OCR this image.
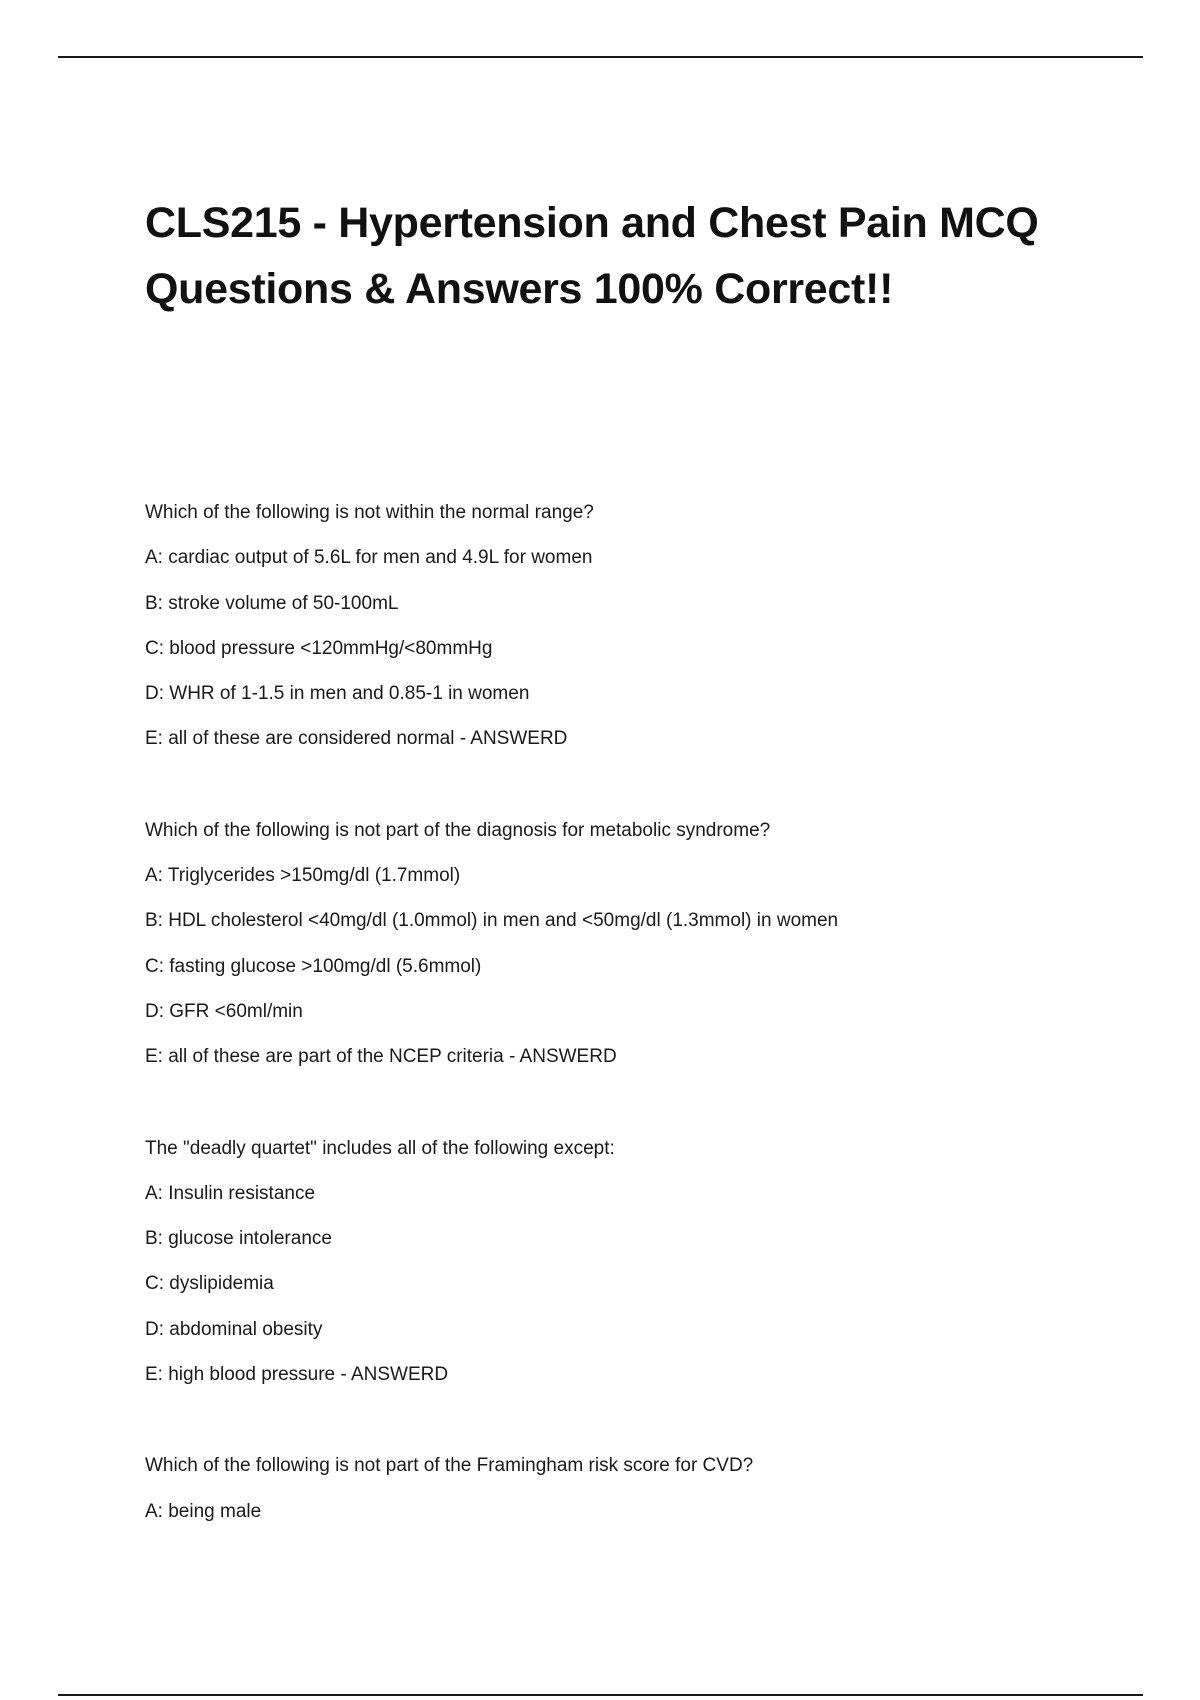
CLS215 - Hypertension and Chest Pain MCQ
Questions & Answers 100% Correct!!
Which of the following is not within the normal range?
A: cardiac output of 5.6L for men and 4.9L for women
B: stroke volume of 50-100mL
C: blood pressure <120mmHg/<80mmHg
D: WHR of 1-1.5 in men and 0.85-1 in women
E: all of these are considered normal - ANSWERD
Which of the following is not part of the diagnosis for metabolic syndrome?
A: Triglycerides >150mg/dl (1.7mmol)
B: HDL cholesterol <40mg/dl (1.0mmol) in men and <50mg/dl (1.3mmol) in women
C: fasting glucose >100mg/dl (5.6mmol)
D: GFR <60ml/min
E: all of these are part of the NCEP criteria - ANSWERD
The "deadly quartet" includes all of the following except:
A: Insulin resistance
B: glucose intolerance
C: dyslipidemia
D: abdominal obesity
E: high blood pressure - ANSWERD
Which of the following is not part of the Framingham risk score for CVD?
A: being male
